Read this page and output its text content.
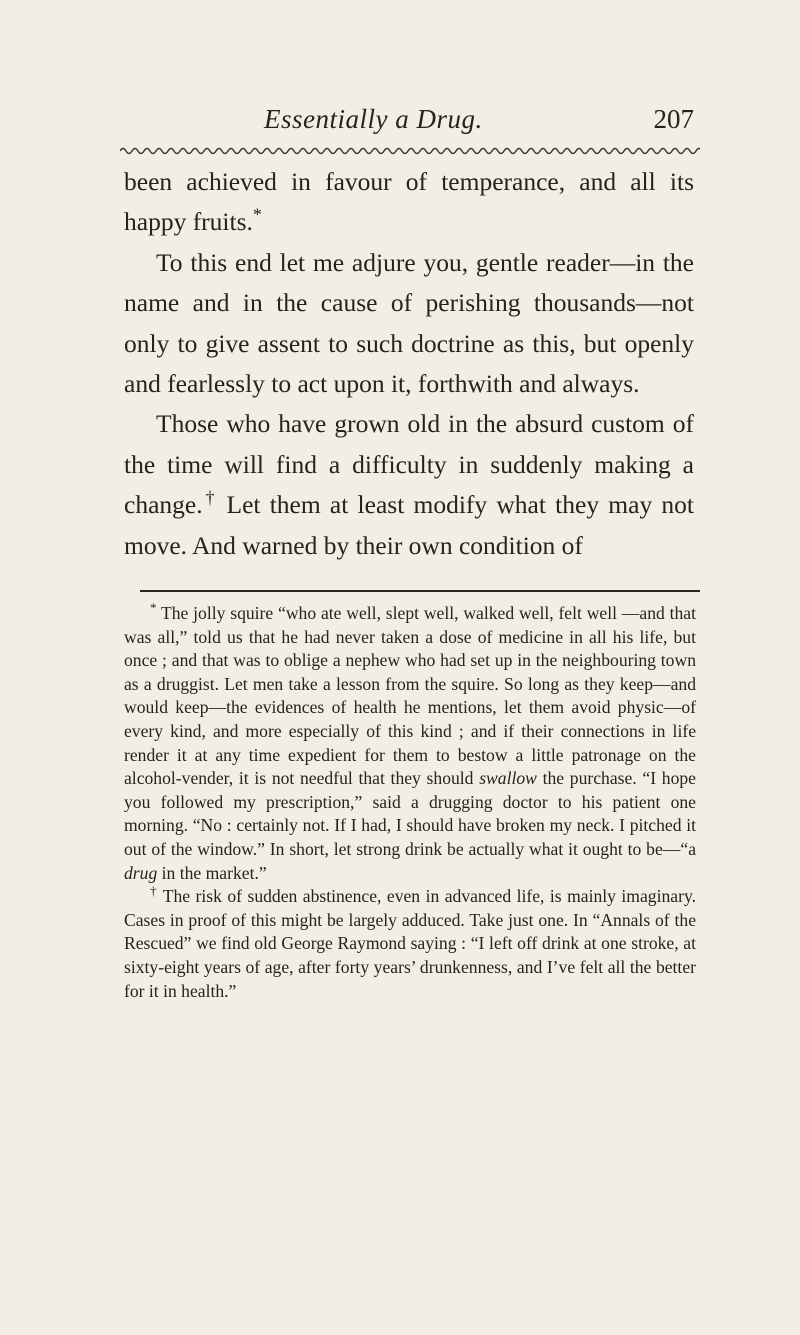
Essentially a Drug.	207

been achieved in favour of temperance, and all its happy fruits.*

To this end let me adjure you, gentle reader—in the name and in the cause of perishing thousands—not only to give assent to such doctrine as this, but openly and fearlessly to act upon it, forthwith and always.

Those who have grown old in the absurd custom of the time will find a difficulty in suddenly making a change.† Let them at least modify what they may not move. And warned by their own condition of

* The jolly squire “who ate well, slept well, walked well, felt well —and that was all,” told us that he had never taken a dose of medicine in all his life, but once ; and that was to oblige a nephew who had set up in the neighbouring town as a druggist. Let men take a lesson from the squire. So long as they keep—and would keep—the evidences of health he mentions, let them avoid physic—of every kind, and more especially of this kind ; and if their connections in life render it at any time expedient for them to bestow a little patronage on the alcohol-vender, it is not needful that they should swallow the purchase. “I hope you followed my prescription,” said a drugging doctor to his patient one morning. “No : certainly not. If I had, I should have broken my neck. I pitched it out of the window.” In short, let strong drink be actually what it ought to be—“a drug in the market.”

† The risk of sudden abstinence, even in advanced life, is mainly imaginary. Cases in proof of this might be largely adduced. Take just one. In “Annals of the Rescued” we find old George Raymond saying : “I left off drink at one stroke, at sixty-eight years of age, after forty years’ drunkenness, and I’ve felt all the better for it in health.”
